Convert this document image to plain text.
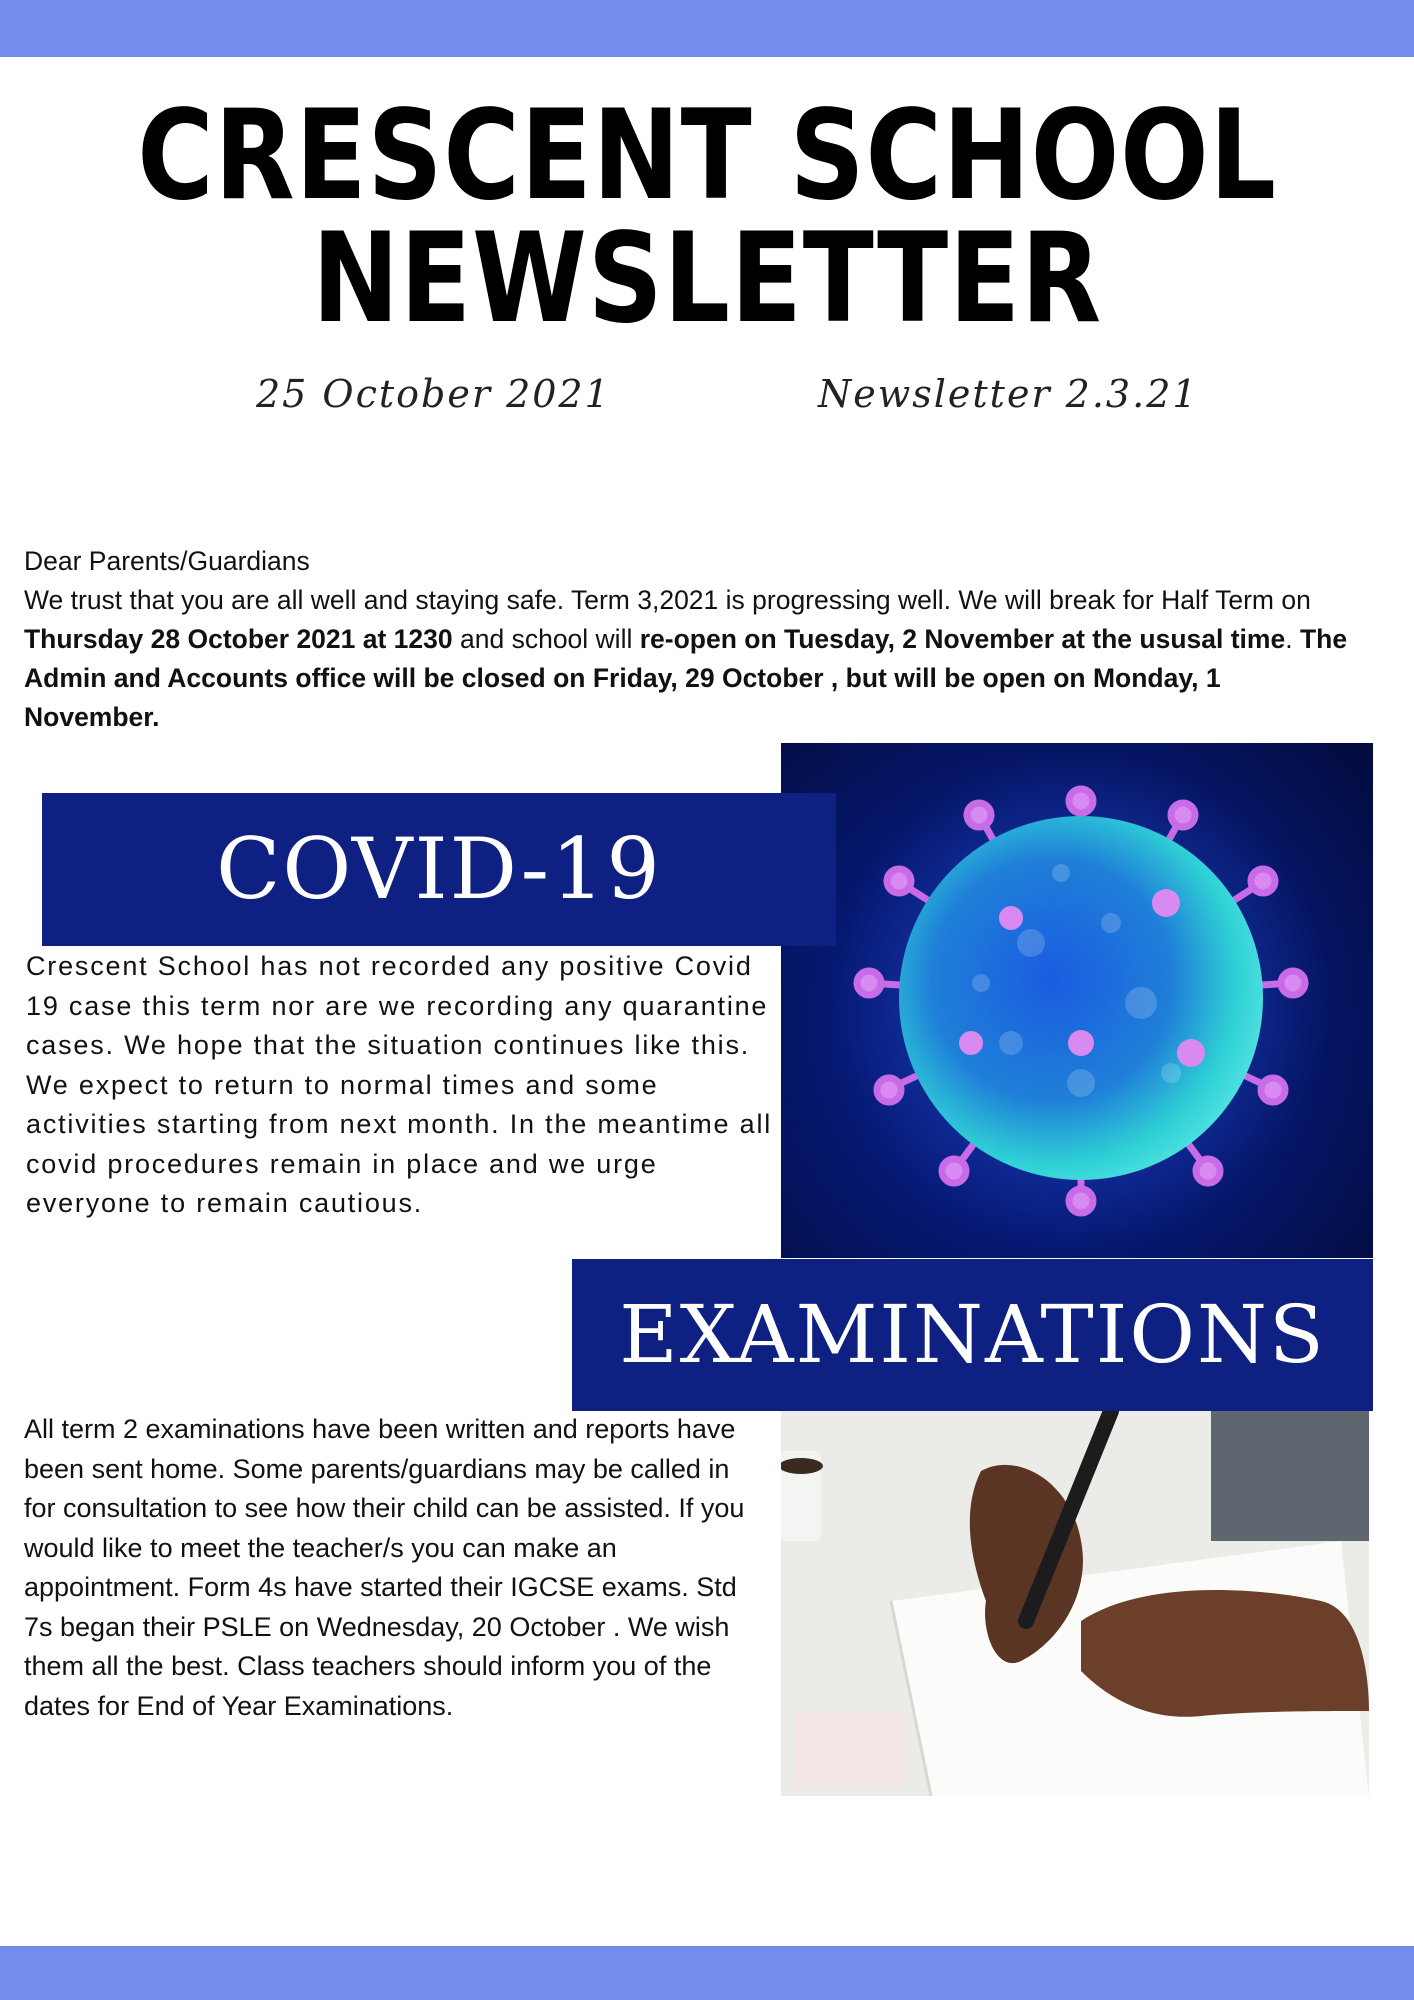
CRESCENT SCHOOL
NEWSLETTER
25 October 2021	Newsletter 2.3.21

Dear Parents/Guardians

We trust that you are all well and staying safe. Term 3,2021 is progressing well. We will break for Half Term on Thursday 28 October 2021 at 1230 and school will re-open on Tuesday, 2 November at the ususal time. The Admin and Accounts office will be closed on Friday, 29 October , but will be open on Monday, 1 November.

COVID-19

Crescent School has not recorded any positive Covid 19 case this term nor are we recording any quarantine cases. We hope that the situation continues like this. We expect to return to normal times and some activities starting from next month. In the meantime all covid procedures remain in place and we urge everyone to remain cautious.

EXAMINATIONS

All term 2 examinations have been written and reports have been sent home. Some parents/guardians may be called in for consultation to see how their child can be assisted. If you would like to meet the teacher/s you can make an appointment. Form 4s have started their IGCSE exams. Std 7s began their PSLE on Wednesday, 20 October . We wish them all the best. Class teachers should inform you of the dates for End of Year Examinations.
